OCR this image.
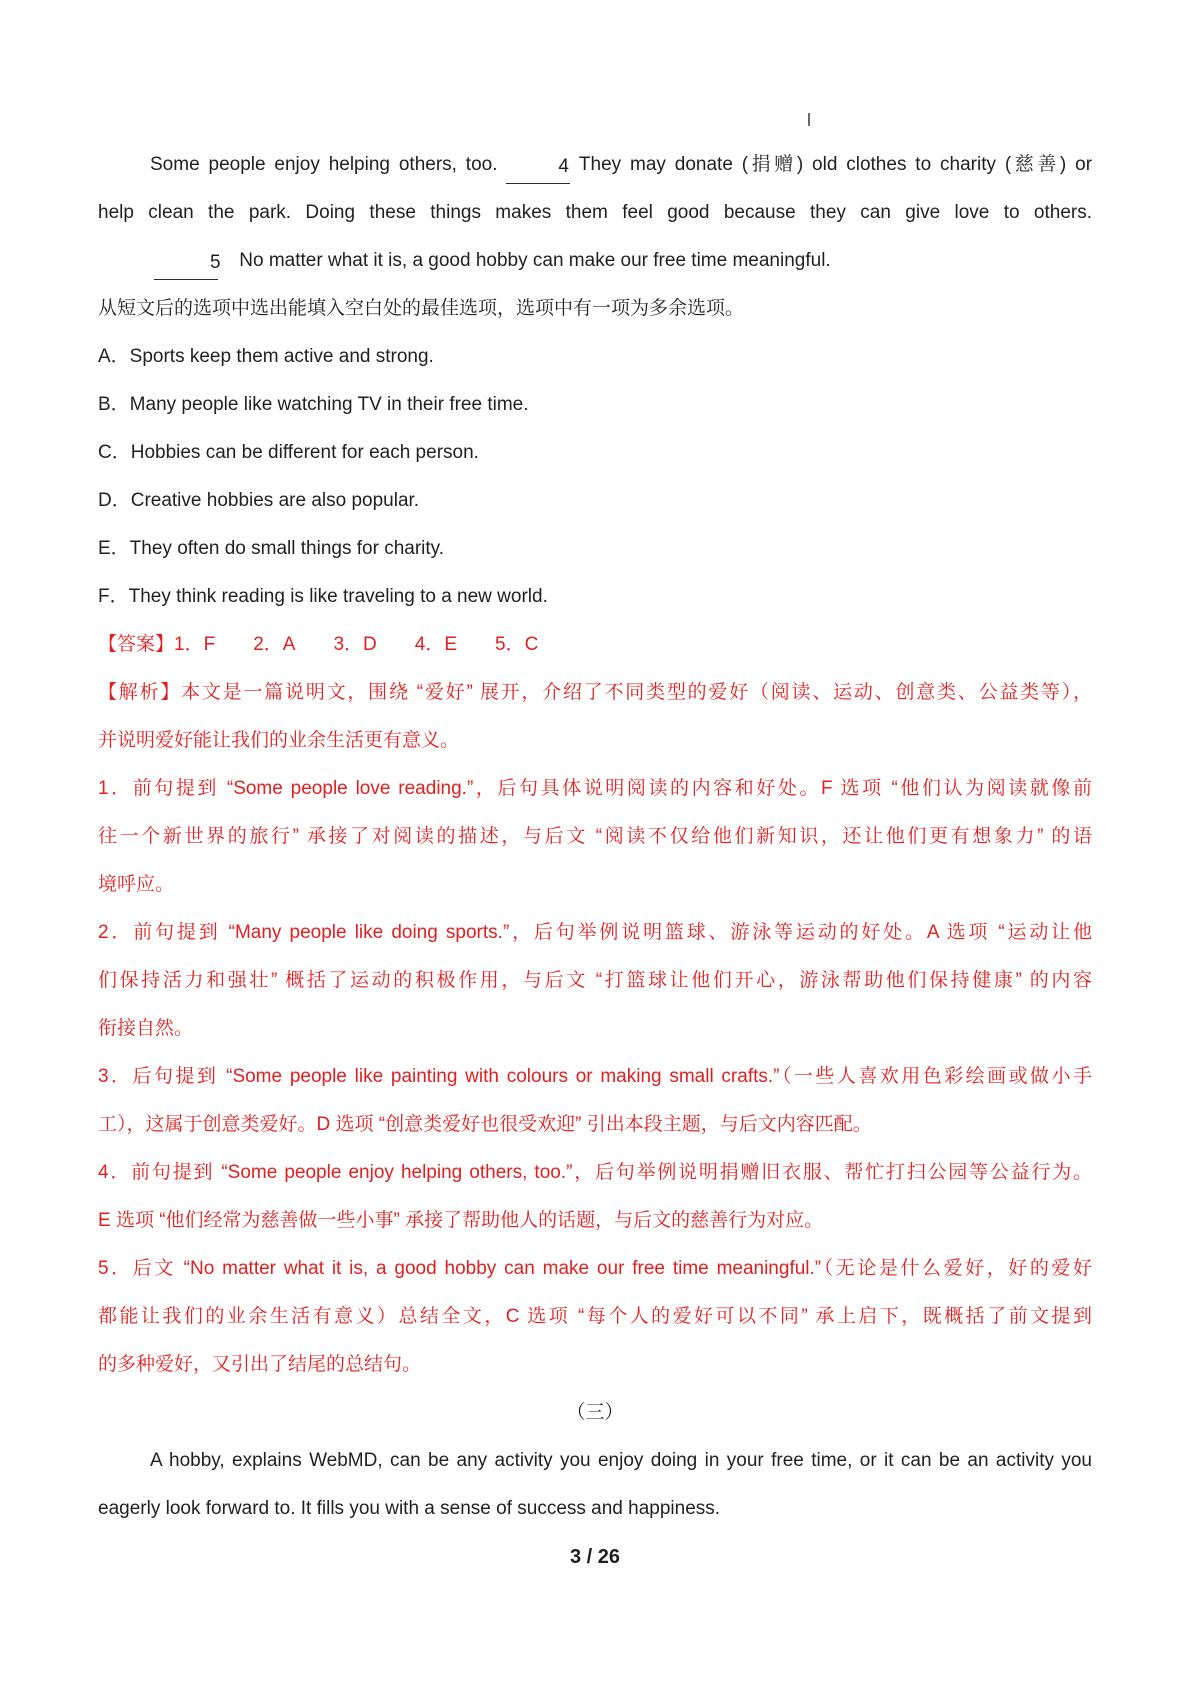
Some people enjoy helping others, too.	4 They may donate (捐赠) old clothes to charity (慈善) or
help clean the park. Doing these things makes them feel good because they can give love to others.
5 No matter what it is, a good hobby can make our free time meaningful.
从短文后的选项中选出能填入空白处的最佳选项，选项中有一项为多余选项。
A．Sports keep them active and strong.
B．Many people like watching TV in their free time.
C．Hobbies can be different for each person.
D．Creative hobbies are also popular.
E．They often do small things for charity.
F．They think reading is like traveling to a new world.
【答案】1．F 2．A 3．D 4．E 5．C
【解析】本文是一篇说明文，围绕 “爱好” 展开，介绍了不同类型的爱好（阅读、运动、创意类、公益类等），
并说明爱好能让我们的业余生活更有意义。
1．前句提到 “Some people love reading.”，后句具体说明阅读的内容和好处。F 选项 “他们认为阅读就像前
往一个新世界的旅行” 承接了对阅读的描述，与后文 “阅读不仅给他们新知识，还让他们更有想象力” 的语
境呼应。
2．前句提到 “Many people like doing sports.”，后句举例说明篮球、游泳等运动的好处。A 选项 “运动让他
们保持活力和强壮” 概括了运动的积极作用，与后文 “打篮球让他们开心，游泳帮助他们保持健康” 的内容
衔接自然。
3．后句提到 “Some people like painting with colours or making small crafts.”（一些人喜欢用色彩绘画或做小手
工），这属于创意类爱好。D 选项 “创意类爱好也很受欢迎” 引出本段主题，与后文内容匹配。
4．前句提到 “Some people enjoy helping others, too.”，后句举例说明捐赠旧衣服、帮忙打扫公园等公益行为。
E 选项 “他们经常为慈善做一些小事” 承接了帮助他人的话题，与后文的慈善行为对应。
5．后文 “No matter what it is, a good hobby can make our free time meaningful.”（无论是什么爱好，好的爱好
都能让我们的业余生活有意义）总结全文，C 选项 “每个人的爱好可以不同” 承上启下，既概括了前文提到
的多种爱好，又引出了结尾的总结句。
（三）
A hobby, explains WebMD, can be any activity you enjoy doing in your free time, or it can be an activity you
eagerly look forward to. It fills you with a sense of success and happiness.
3 / 26
